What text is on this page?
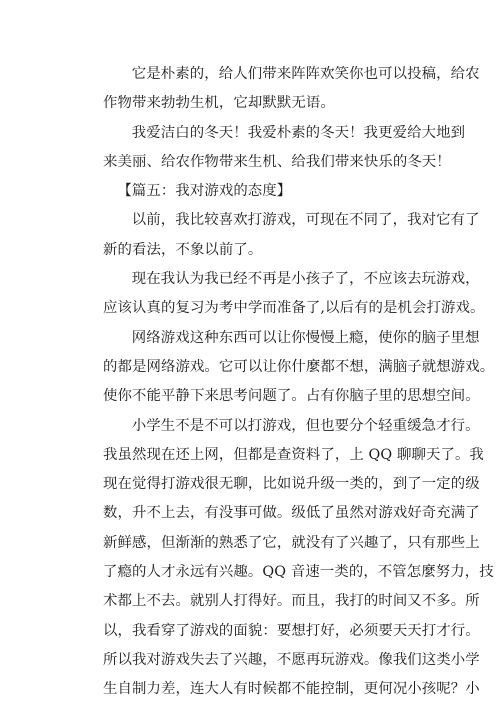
它是朴素的，给人们带来阵阵欢笑你也可以投稿，给农
作物带来勃勃生机，它却默默无语。
我爱洁白的冬天！我爱朴素的冬天！我更爱给大地到
来美丽、给农作物带来生机、给我们带来快乐的冬天！
【篇五：我对游戏的态度】
以前，我比较喜欢打游戏，可现在不同了，我对它有了
新的看法，不象以前了。
现在我认为我已经不再是小孩子了，不应该去玩游戏，
应该认真的复习为考中学而准备了,以后有的是机会打游戏。
网络游戏这种东西可以让你慢慢上瘾，使你的脑子里想
的都是网络游戏。它可以让你什麼都不想，满脑子就想游戏。
使你不能平静下来思考问题了。占有你脑子里的思想空间。
小学生不是不可以打游戏，但也要分个轻重缓急才行。
我虽然现在还上网，但都是查资料了，上 QQ 聊聊天了。我
现在觉得打游戏很无聊，比如说升级一类的，到了一定的级
数，升不上去，有没事可做。级低了虽然对游戏好奇充满了
新鲜感，但渐渐的熟悉了它，就没有了兴趣了，只有那些上
了瘾的人才永远有兴趣。QQ 音速一类的，不管怎麼努力，技
术都上不去。就别人打得好。而且，我打的时间又不多。所
以，我看穿了游戏的面貌：要想打好，必须要天天打才行。
所以我对游戏失去了兴趣，不愿再玩游戏。像我们这类小学
生自制力差，连大人有时候都不能控制，更何况小孩呢？小
